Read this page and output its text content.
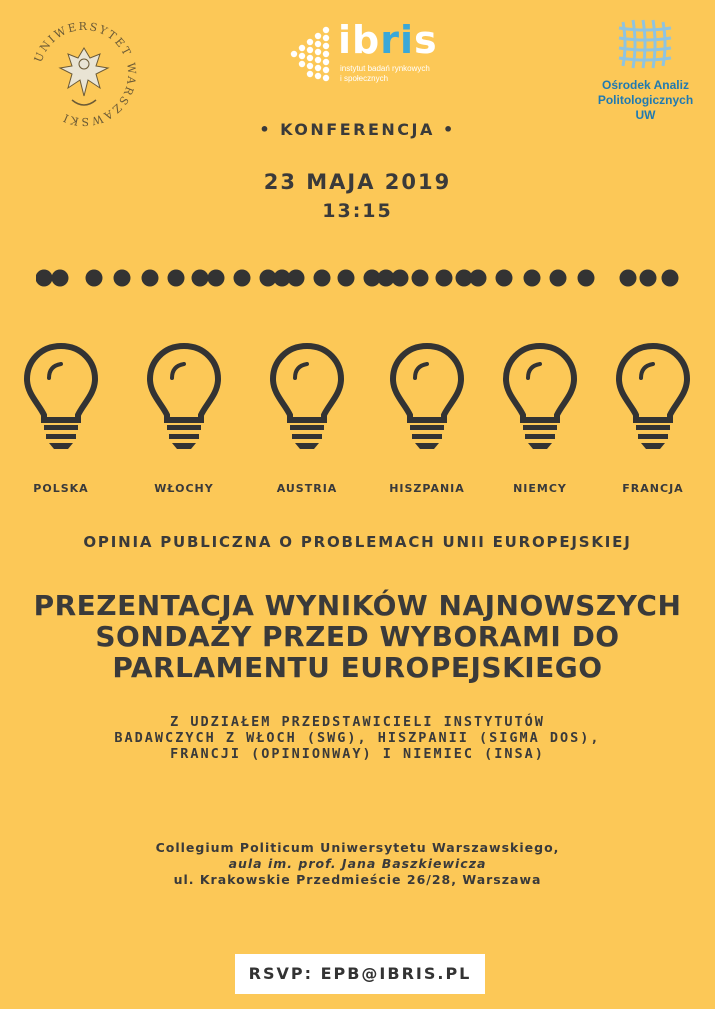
UNIWERSYTET WARSZAWSKI
ibris
instytut badań rynkowych
i społecznych	Ośrodek Analiz
Politologicznych UW
• KONFERENCJA •
23 MAJA 2019
13:15
POLSKA	WŁOCHY	AUSTRIA	HISZPANIA	NIEMCY	FRANCJA
OPINIA PUBLICZNA O PROBLEMACH UNII EUROPEJSKIEJ
PREZENTACJA WYNIKÓW NAJNOWSZYCH
SONDAŻY PRZED WYBORAMI DO
PARLAMENTU EUROPEJSKIEGO
Z UDZIAŁEM PRZEDSTAWICIELI INSTYTUTÓW
BADAWCZYCH Z WŁOCH (SWG), HISZPANII (SIGMA DOS),
FRANCJI (OPINIONWAY) I NIEMIEC (INSA)
Collegium Politicum Uniwersytetu Warszawskiego,
aula im. prof. Jana Baszkiewicza
ul. Krakowskie Przedmieście 26/28, Warszawa
RSVP: EPB@IBRIS.PL
